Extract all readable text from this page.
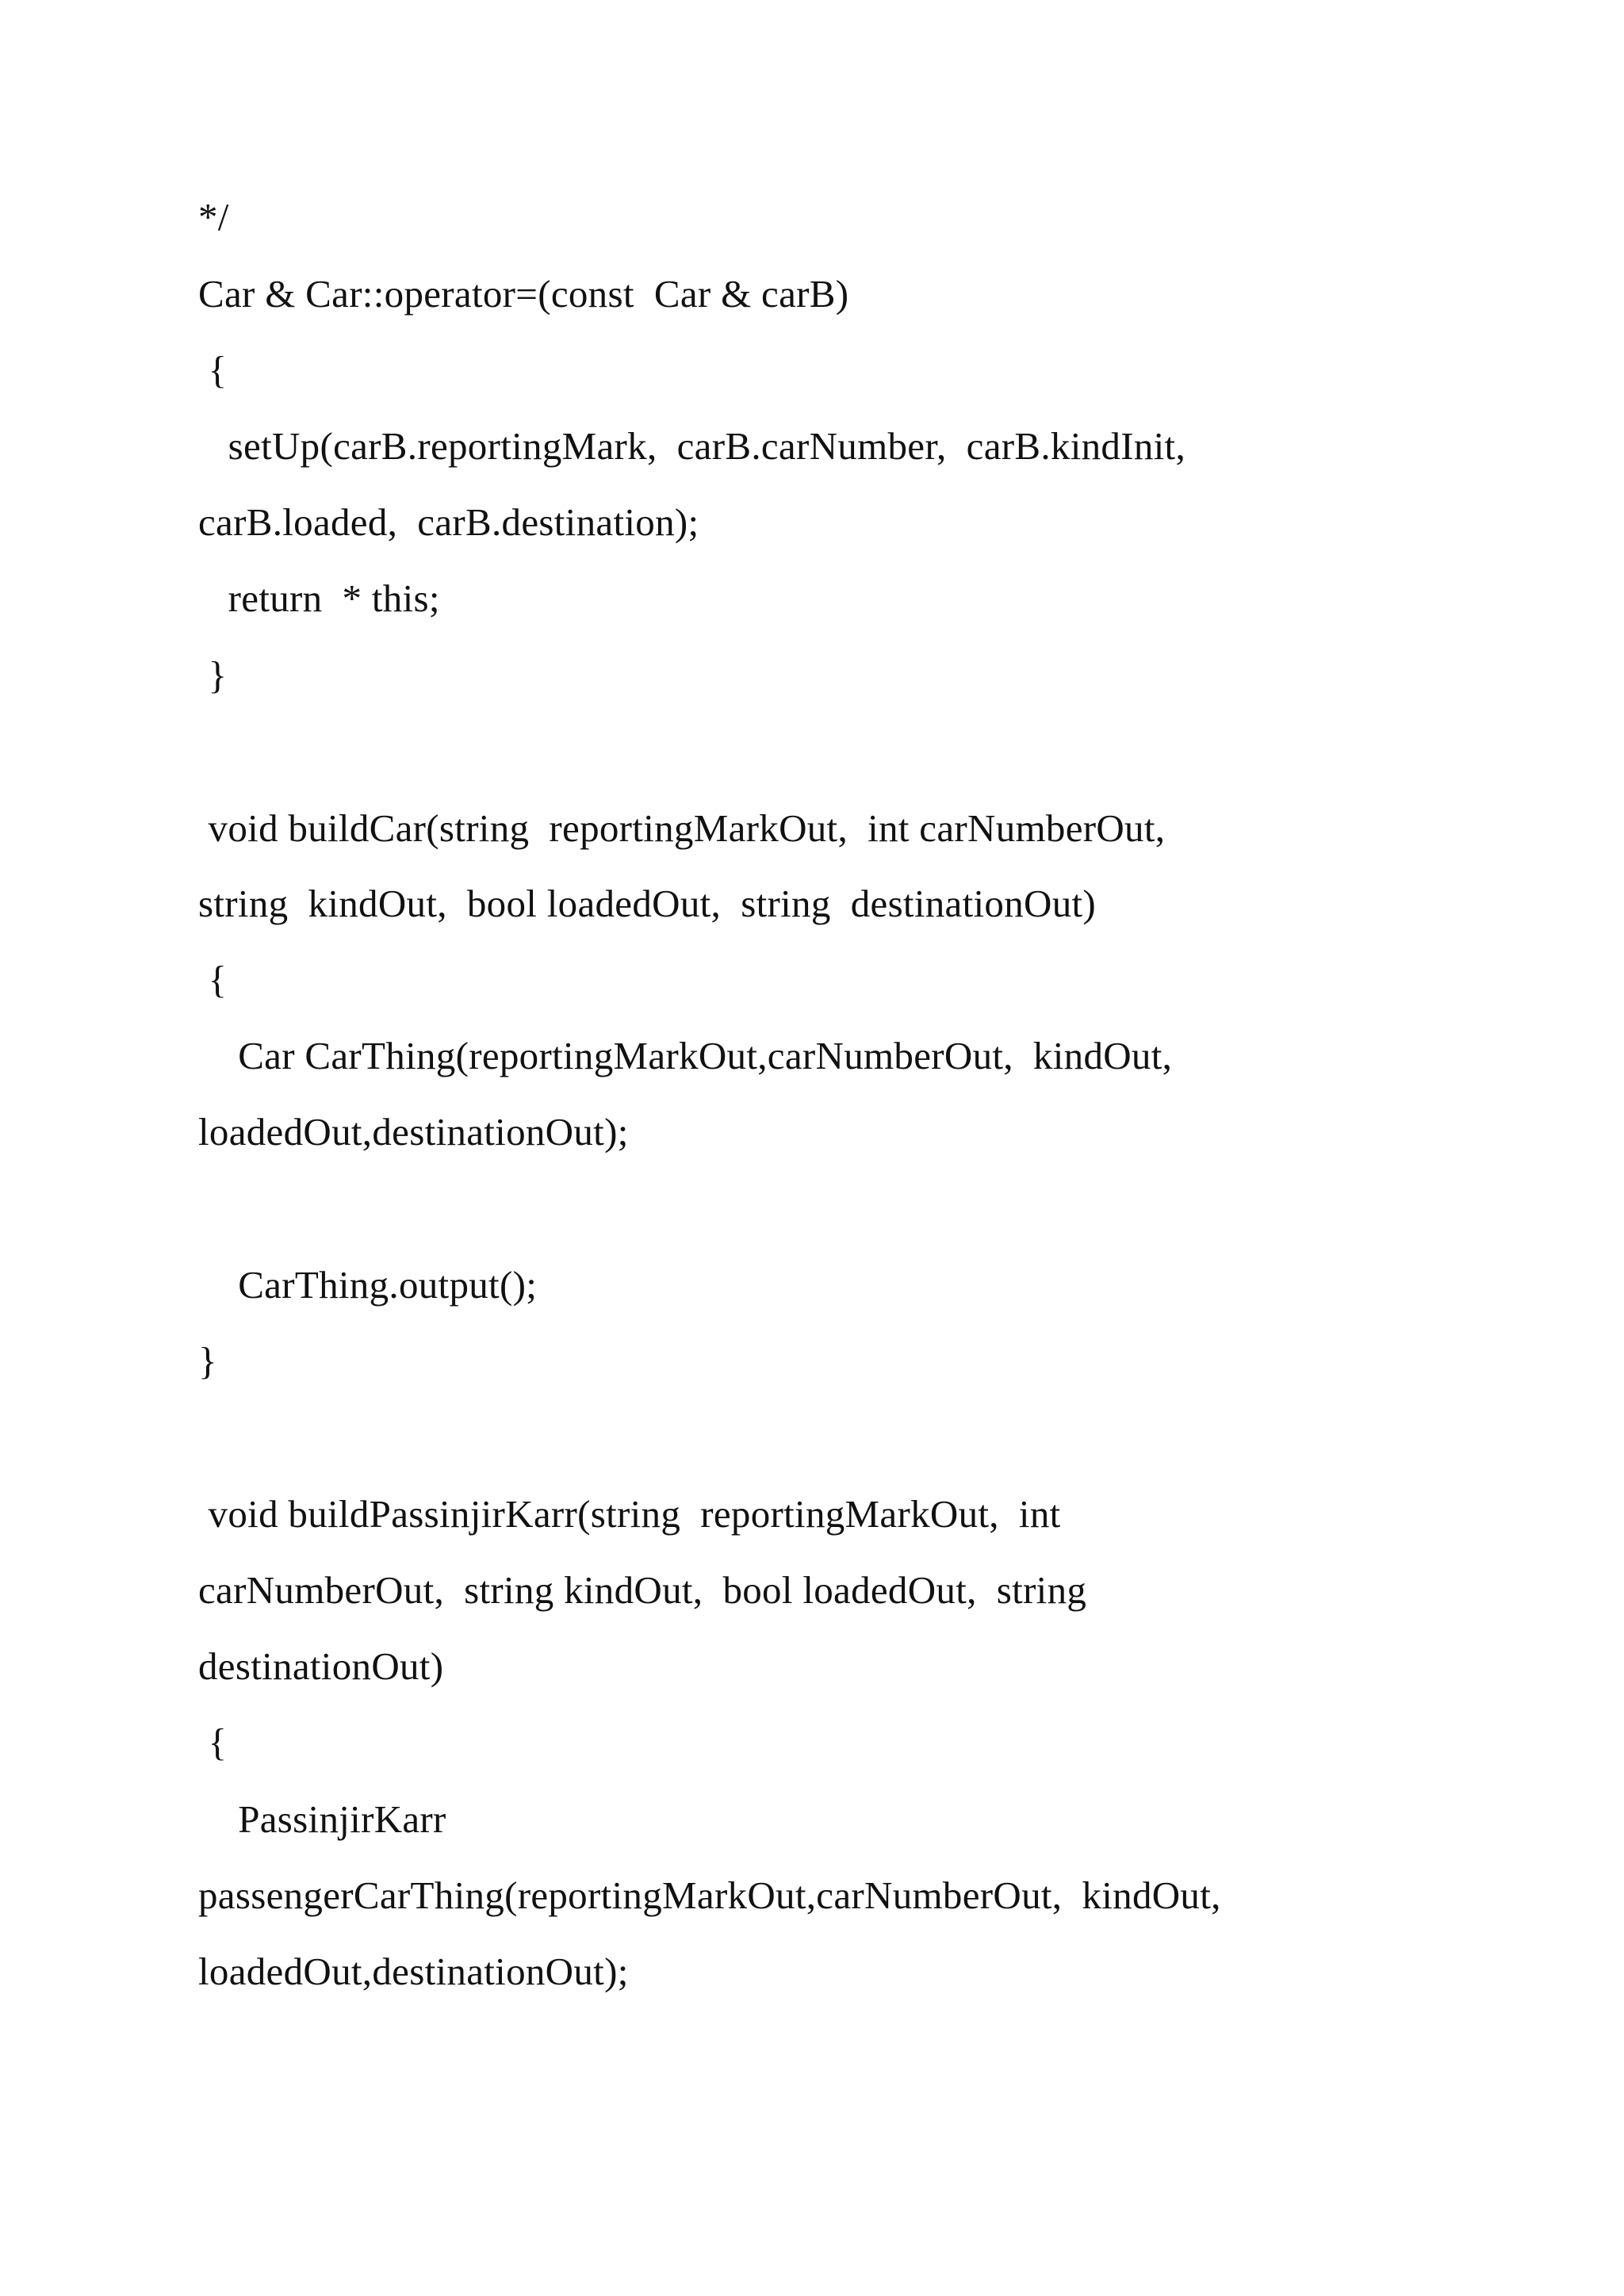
*/
Car & Car::operator=(const  Car & carB)
{
setUp(carB.reportingMark,  carB.carNumber,  carB.kindInit,
carB.loaded,  carB.destination);
return  * this;
}
void buildCar(string  reportingMarkOut,  int carNumberOut,
string  kindOut,  bool loadedOut,  string  destinationOut)
{
Car CarThing(reportingMarkOut,carNumberOut,  kindOut,
loadedOut,destinationOut);
CarThing.output();
}
void buildPassinjirKarr(string  reportingMarkOut,  int
carNumberOut,  string kindOut,  bool loadedOut,  string
destinationOut)
{
PassinjirKarr
passengerCarThing(reportingMarkOut,carNumberOut,  kindOut,
loadedOut,destinationOut);
